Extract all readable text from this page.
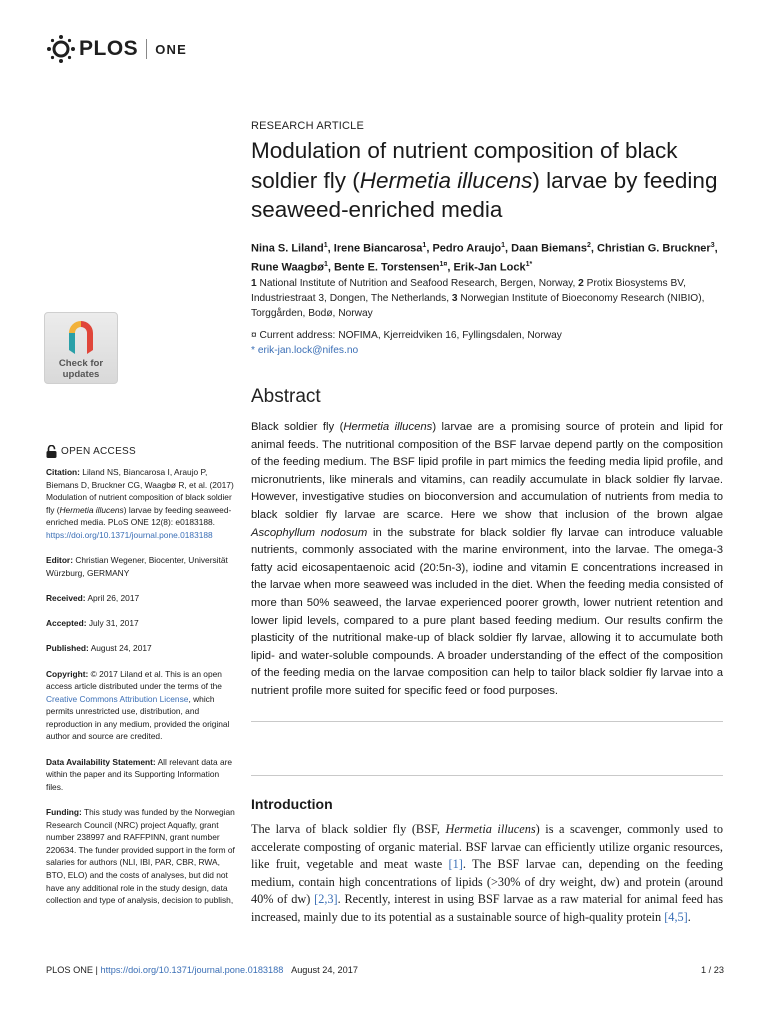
PLOS ONE
RESEARCH ARTICLE
Modulation of nutrient composition of black soldier fly (Hermetia illucens) larvae by feeding seaweed-enriched media
Nina S. Liland$^1$, Irene Biancarosa$^1$, Pedro Araujo$^1$, Daan Biemans$^2$, Christian G. Bruckner$^3$, Rune Waagbø$^1$, Bente E. Torstensen$^{1¤}$, Erik-Jan Lock$^{1*}$
1 National Institute of Nutrition and Seafood Research, Bergen, Norway, 2 Protix Biosystems BV, Industriestraat 3, Dongen, The Netherlands, 3 Norwegian Institute of Bioeconomy Research (NIBIO), Torggården, Bodø, Norway
¤ Current address: NOFIMA, Kjerreidviken 16, Fyllingsdalen, Norway
* erik-jan.lock@nifes.no
Check for
updates
OPEN ACCESS

Citation: Liland NS, Biancarosa I, Araujo P, Biemans D, Bruckner CG, Waagbø R, et al. (2017) Modulation of nutrient composition of black soldier fly (Hermetia illucens) larvae by feeding seaweed-enriched media. PLoS ONE 12(8): e0183188. https://doi.org/10.1371/journal.pone.0183188

Editor: Christian Wegener, Biocenter, Universität Würzburg, GERMANY

Received: April 26, 2017

Accepted: July 31, 2017

Published: August 24, 2017

Copyright: © 2017 Liland et al. This is an open access article distributed under the terms of the Creative Commons Attribution License, which permits unrestricted use, distribution, and reproduction in any medium, provided the original author and source are credited.

Data Availability Statement: All relevant data are within the paper and its Supporting Information files.

Funding: This study was funded by the Norwegian Research Council (NRC) project Aquafly, grant number 238997 and RAFFPINN, grant number 220634. The funder provided support in the form of salaries for authors (NLI, IBI, PAR, CBR, RWA, BTO, ELO) and the costs of analyses, but did not have any additional role in the study design, data collection and type of analysis, decision to publish,

Abstract
Black soldier fly (Hermetia illucens) larvae are a promising source of protein and lipid for animal feeds. The nutritional composition of the BSF larvae depend partly on the composition of the feeding medium. The BSF lipid profile in part mimics the feeding media lipid profile, and micronutrients, like minerals and vitamins, can readily accumulate in black soldier fly larvae. However, investigative studies on bioconversion and accumulation of nutrients from media to black soldier fly larvae are scarce. Here we show that inclusion of the brown algae Ascophyllum nodosum in the substrate for black soldier fly larvae can introduce valuable nutrients, commonly associated with the marine environment, into the larvae. The omega-3 fatty acid eicosapentaenoic acid (20:5n-3), iodine and vitamin E concentrations increased in the larvae when more seaweed was included in the diet. When the feeding media consisted of more than 50% seaweed, the larvae experienced poorer growth, lower nutrient retention and lower lipid levels, compared to a pure plant based feeding medium. Our results confirm the plasticity of the nutritional make-up of black soldier fly larvae, allowing it to accumulate both lipid- and water-soluble compounds. A broader understanding of the effect of the composition of the feeding media on the larvae composition can help to tailor black soldier fly larvae into a nutrient profile more suited for specific feed or food purposes.
Introduction
The larva of black soldier fly (BSF, Hermetia illucens) is a scavenger, commonly used to accelerate composting of organic material. BSF larvae can efficiently utilize organic resources, like fruit, vegetable and meat waste [1]. The BSF larvae can, depending on the feeding medium, contain high concentrations of lipids (>30% of dry weight, dw) and protein (around 40% of dw) [2,3]. Recently, interest in using BSF larvae as a raw material for animal feed has increased, mainly due to its potential as a sustainable source of high-quality protein [4,5].
PLOS ONE | https://doi.org/10.1371/journal.pone.0183188 August 24, 2017	1 / 23
